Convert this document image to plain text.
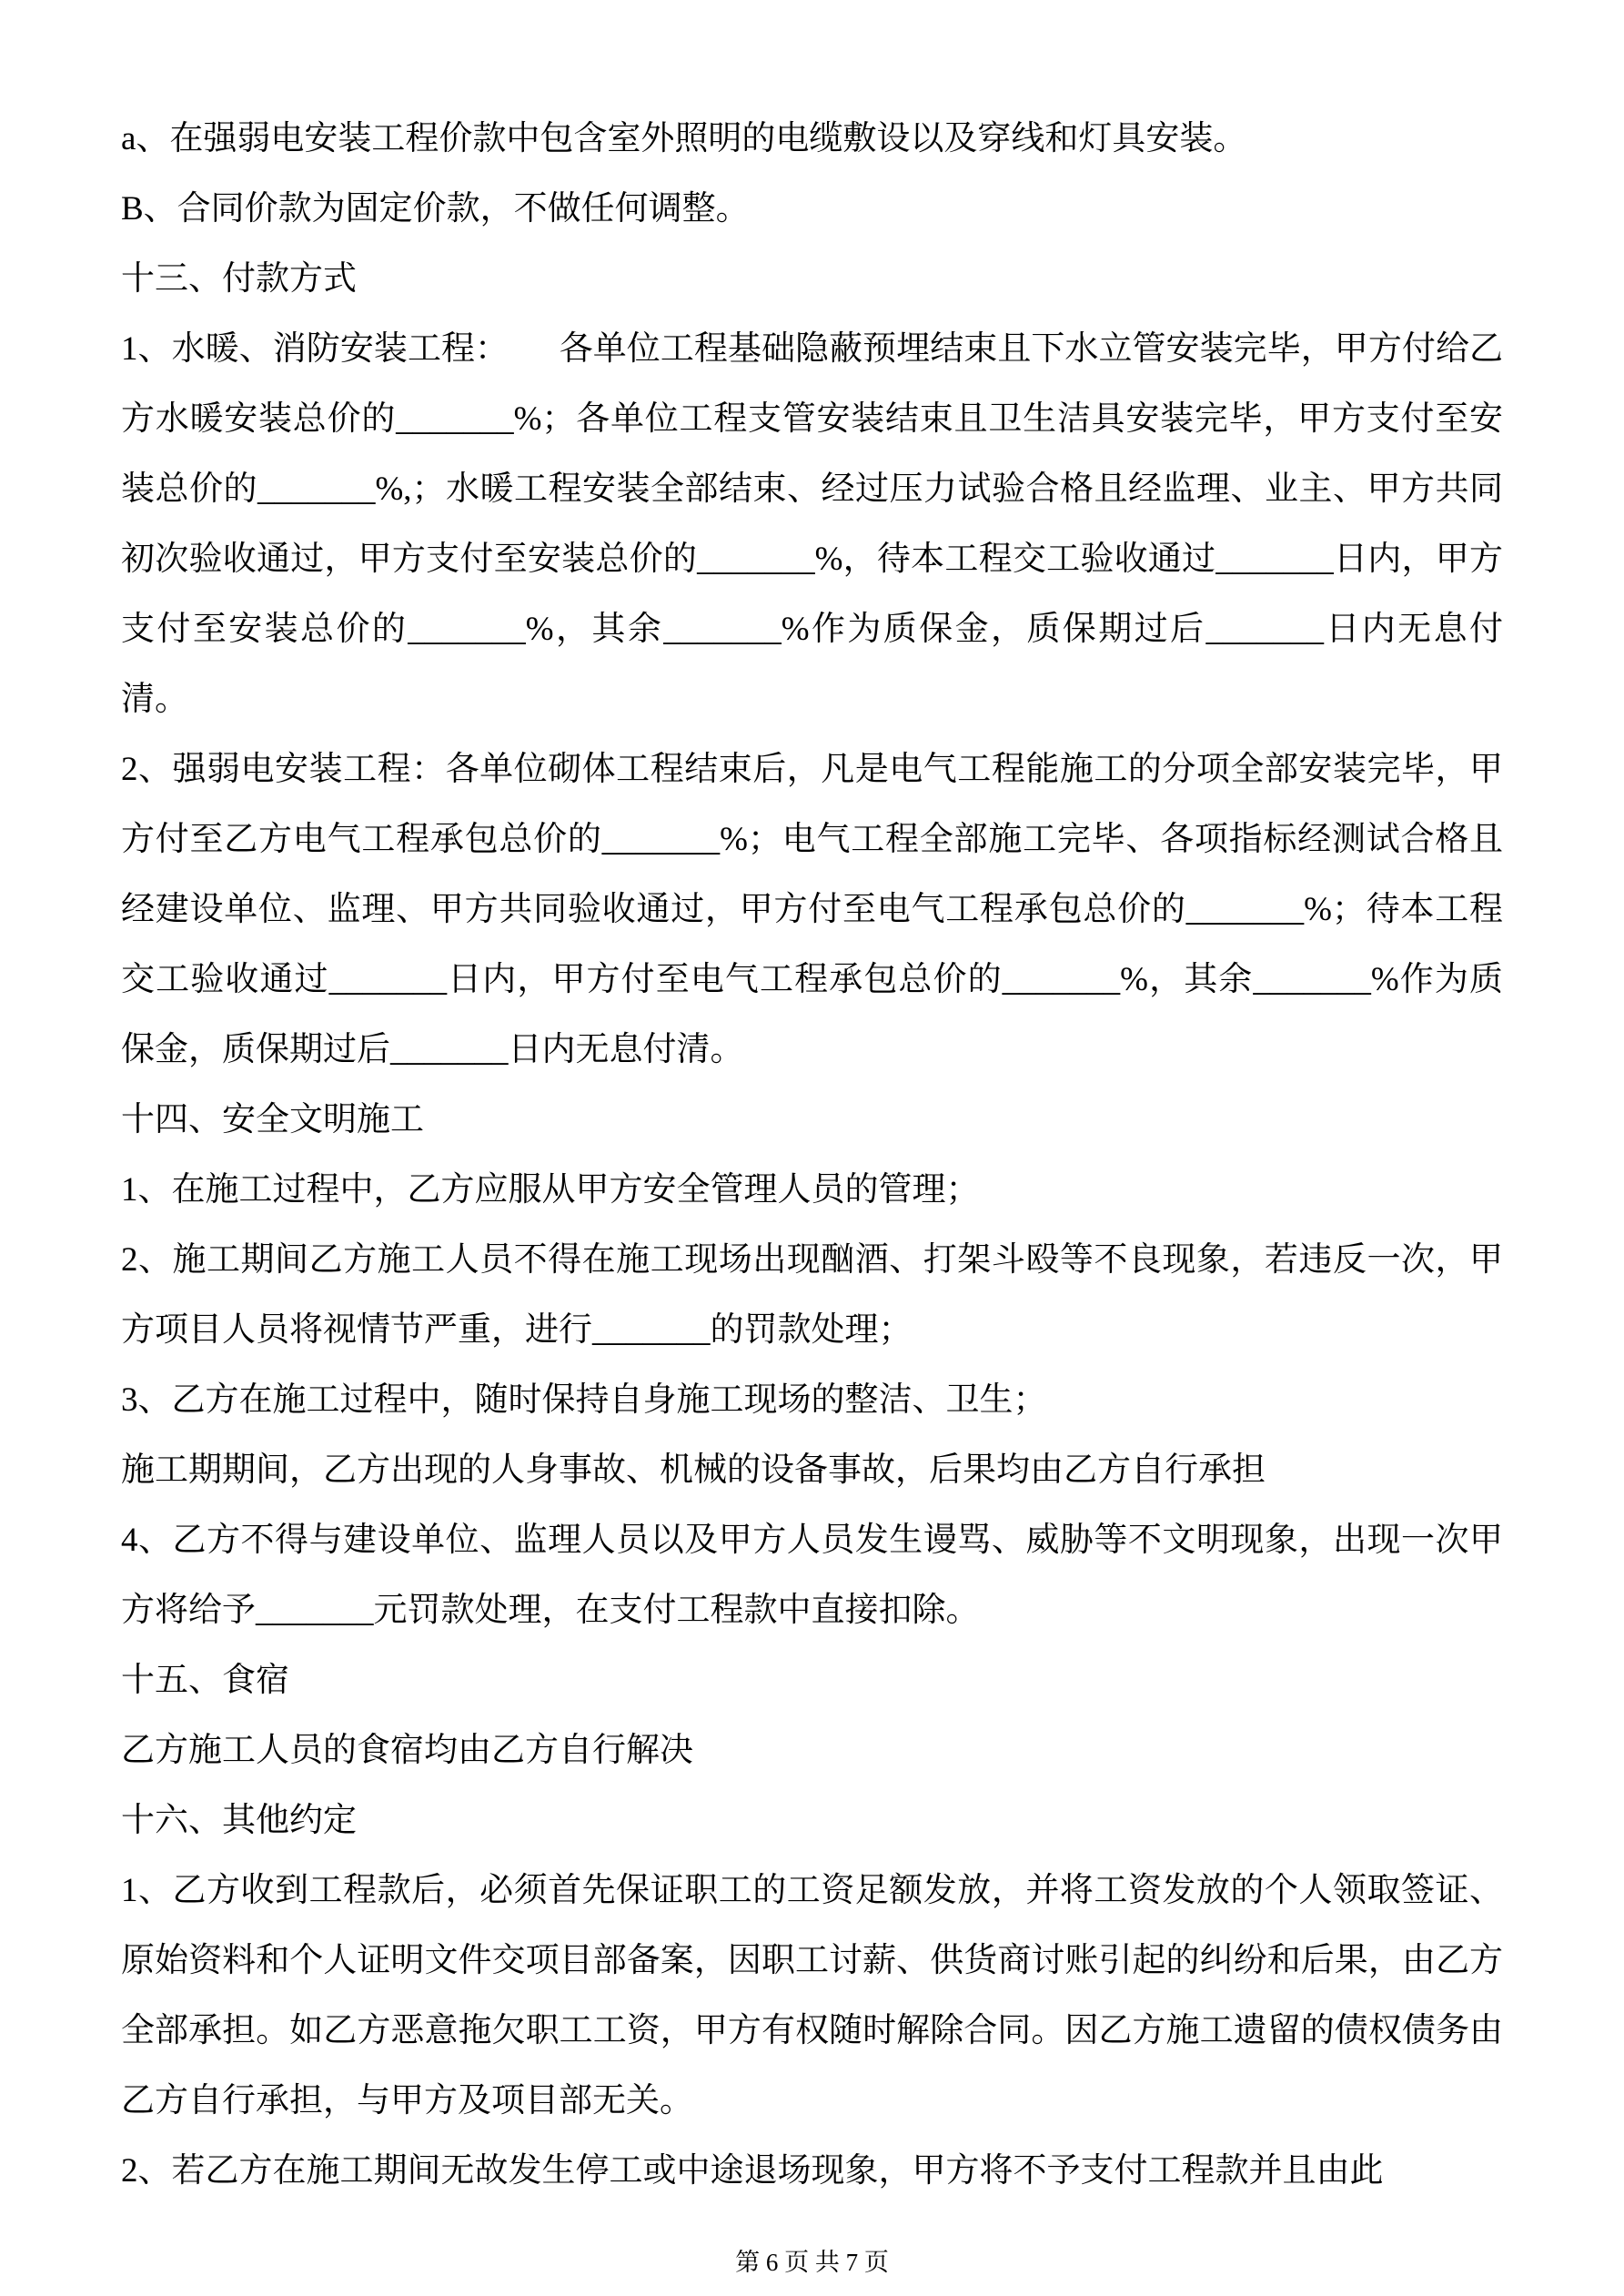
a、在强弱电安装工程价款中包含室外照明的电缆敷设以及穿线和灯具安装。

B、合同价款为固定价款，不做任何调整。

十三、付款方式

1、水暖、消防安装工程：　　各单位工程基础隐蔽预埋结束且下水立管安装完毕，甲方付给乙方水暖安装总价的_______%；各单位工程支管安装结束且卫生洁具安装完毕，甲方支付至安装总价的_______%,；水暖工程安装全部结束、经过压力试验合格且经监理、业主、甲方共同初次验收通过，甲方支付至安装总价的_______%，待本工程交工验收通过_______日内，甲方支付至安装总价的_______%，其余_______%作为质保金，质保期过后_______日内无息付清。

2、强弱电安装工程：各单位砌体工程结束后，凡是电气工程能施工的分项全部安装完毕，甲方付至乙方电气工程承包总价的_______%；电气工程全部施工完毕、各项指标经测试合格且经建设单位、监理、甲方共同验收通过，甲方付至电气工程承包总价的_______%；待本工程交工验收通过_______日内，甲方付至电气工程承包总价的_______%，其余_______%作为质保金，质保期过后_______日内无息付清。

十四、安全文明施工

1、在施工过程中，乙方应服从甲方安全管理人员的管理；

2、施工期间乙方施工人员不得在施工现场出现酗酒、打架斗殴等不良现象，若违反一次，甲方项目人员将视情节严重，进行_______的罚款处理；

3、乙方在施工过程中，随时保持自身施工现场的整洁、卫生；

施工期期间，乙方出现的人身事故、机械的设备事故，后果均由乙方自行承担

4、乙方不得与建设单位、监理人员以及甲方人员发生谩骂、威胁等不文明现象，出现一次甲方将给予_______元罚款处理，在支付工程款中直接扣除。

十五、食宿

乙方施工人员的食宿均由乙方自行解决

十六、其他约定

1、乙方收到工程款后，必须首先保证职工的工资足额发放，并将工资发放的个人领取签证、原始资料和个人证明文件交项目部备案，因职工讨薪、供货商讨账引起的纠纷和后果，由乙方全部承担。如乙方恶意拖欠职工工资，甲方有权随时解除合同。因乙方施工遗留的债权债务由乙方自行承担，与甲方及项目部无关。

2、若乙方在施工期间无故发生停工或中途退场现象，甲方将不予支付工程款并且由此

第 6 页 共 7 页
